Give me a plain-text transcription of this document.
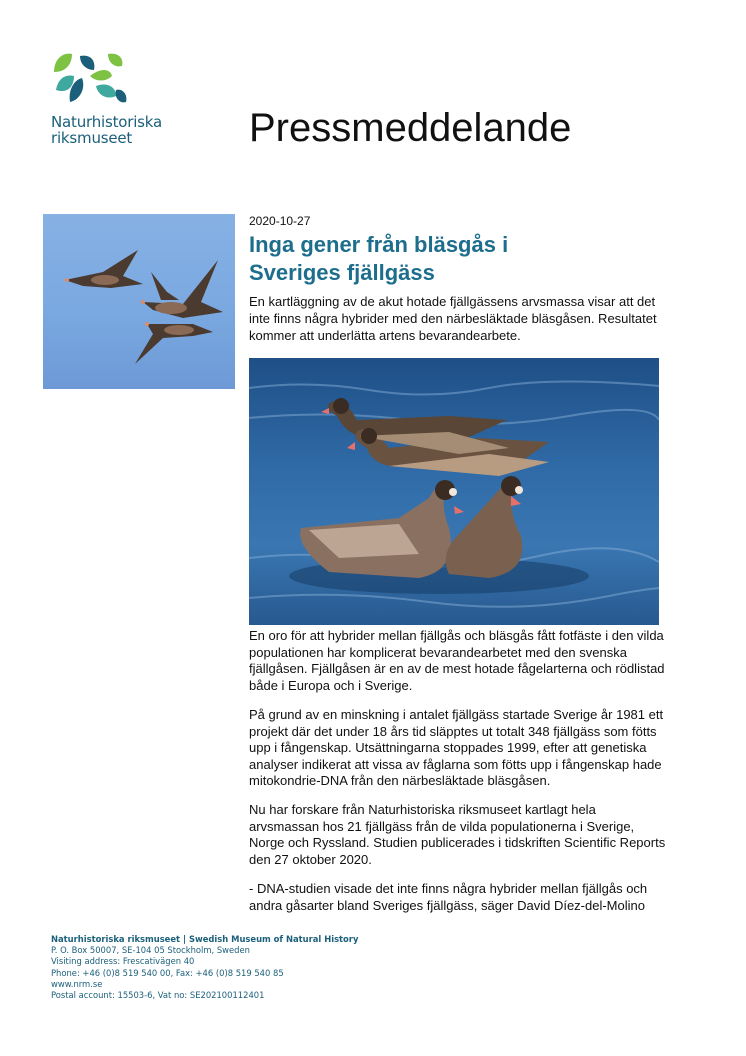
Naturhistoriska
riksmuseet	Pressmeddelande
2020-10-27
Inga gener från bläsgås i Sveriges fjällgäss

En kartläggning av de akut hotade fjällgässens arvsmassa visar att det inte finns några hybrider med den närbesläktade bläsgåsen. Resultatet kommer att underlätta artens bevarandearbete.

En oro för att hybrider mellan fjällgås och bläsgås fått fotfäste i den vilda populationen har komplicerat bevarandearbetet med den svenska fjällgåsen. Fjällgåsen är en av de mest hotade fågelarterna och rödlistad både i Europa och i Sverige.

På grund av en minskning i antalet fjällgäss startade Sverige år 1981 ett projekt där det under 18 års tid släpptes ut totalt 348 fjällgäss som fötts upp i fångenskap. Utsättningarna stoppades 1999, efter att genetiska analyser indikerat att vissa av fåglarna som fötts upp i fångenskap hade mitokondrie-DNA från den närbesläktade bläsgåsen.

Nu har forskare från Naturhistoriska riksmuseet kartlagt hela arvsmassan hos 21 fjällgäss från de vilda populationerna i Sverige, Norge och Ryssland. Studien publicerades i tidskriften Scientific Reports den 27 oktober 2020.

- DNA-studien visade det inte finns några hybrider mellan fjällgås och andra gåsarter bland Sveriges fjällgäss, säger David Díez-del-Molino

Naturhistoriska riksmuseet | Swedish Museum of Natural History
P. O. Box 50007, SE-104 05 Stockholm, Sweden
Visiting address: Frescativägen 40
Phone: +46 (0)8 519 540 00, Fax: +46 (0)8 519 540 85
www.nrm.se
Postal account: 15503-6, Vat no: SE202100112401
